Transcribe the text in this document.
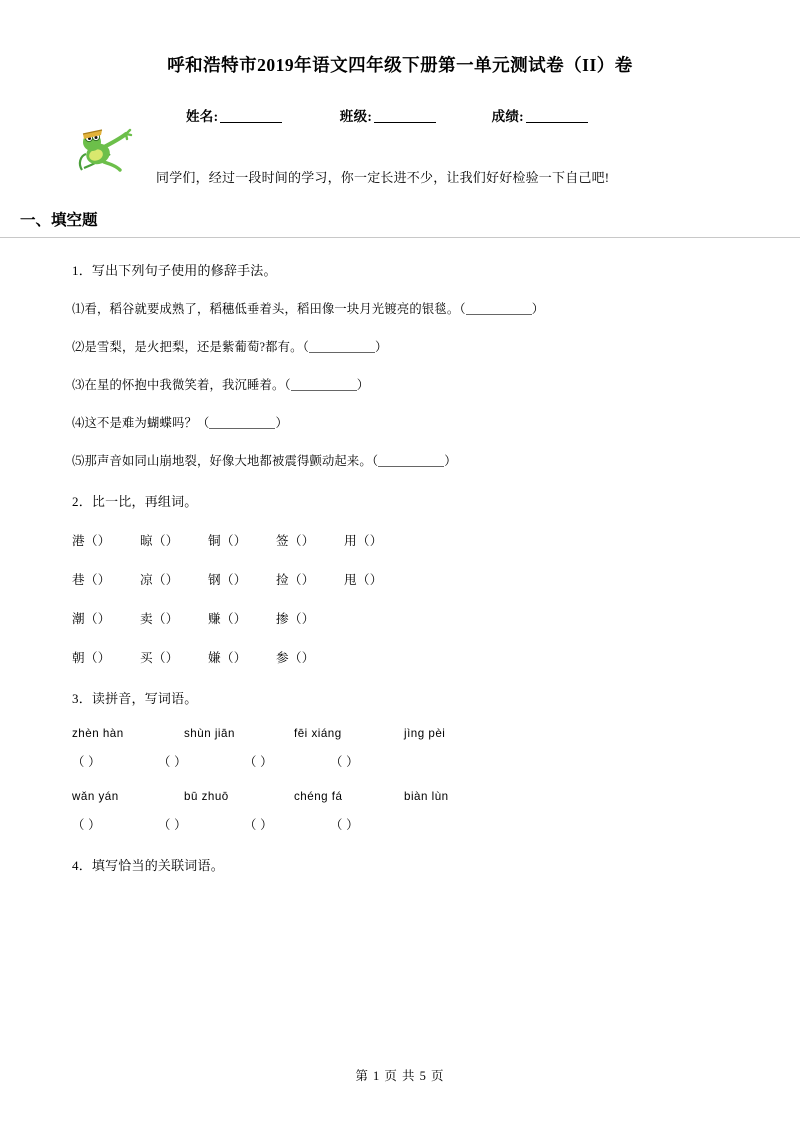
呼和浩特市2019年语文四年级下册第一单元测试卷（II）卷
姓名:	班级:	成绩:
同学们，经过一段时间的学习，你一定长进不少，让我们好好检验一下自己吧!
一、填空题
1．写出下列句子使用的修辞手法。
⑴看，稻谷就要成熟了，稻穗低垂着头，稻田像一块月光镀亮的银毯。（	）
⑵是雪梨，是火把梨，还是紫葡萄?都有。（	）
⑶在星的怀抱中我微笑着，我沉睡着。（	）
⑷这不是难为蝴蝶吗？（	）
⑸那声音如同山崩地裂，好像大地都被震得颤动起来。（	）
2．比一比，再组词。
港（） 晾（） 铜（） 签（） 用（）
巷（） 凉（） 钢（） 捡（） 甩（）
潮（） 卖（） 赚（） 掺（）
朝（） 买（） 嫌（） 参（）
3．读拼音，写词语。
zhèn hàn	shùn jiān	fēi xiáng	jìng pèi
（ ）	（ ）	（ ）	（ ）
wǎn yán	bū zhuō	chéng fá	biàn lùn
（ ）	（ ）	（ ）	（ ）
4．填写恰当的关联词语。
第 1 页 共 5 页
